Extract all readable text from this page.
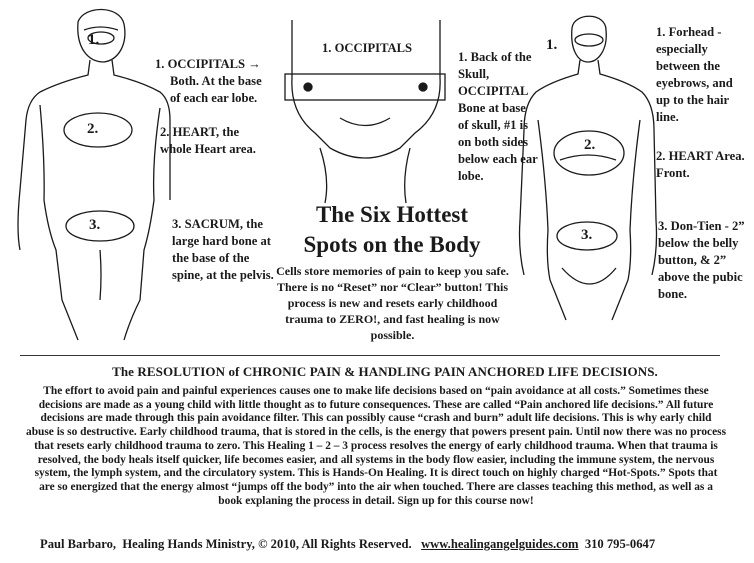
1.
2.
3.
1. OCCIPITALS →
Both. At the base of each ear lobe.
2. HEART, the whole Heart area.
3. SACRUM, the large hard bone at the base of the spine, at the pelvis.
1. OCCIPITALS
1. Back of the Skull, OCCIPITAL Bone at base of skull, #1 is on both sides below each ear lobe.
The Six Hottest
Spots on the Body
Cells store memories of pain to keep you safe. There is no “Reset” nor “Clear” button! This process is new and resets early childhood trauma to ZERO!, and fast healing is now possible.
1.
2.
3.
1. Forhead - especially between the eyebrows, and up to the hair line.
2. HEART Area. Front.
3. Don-Tien - 2” below the belly button, & 2” above the pubic bone.
The RESOLUTION of CHRONIC PAIN & HANDLING PAIN ANCHORED LIFE DECISIONS.
The effort to avoid pain and painful experiences causes one to make life decisions based on “pain avoidance at all costs.” Sometimes these decisions are made as a young child with little thought as to future consequences. These are called “Pain anchored life decisions.” All future decisions are made through this pain avoidance filter. This can possibly cause “crash and burn” adult life decisions. This is why early child abuse is so destructive. Early childhood trauma, that is stored in the cells, is the energy that powers present pain. Until now there was no process that resets early childhood trauma to zero. This Healing 1 – 2 – 3 process resolves the energy of early childhood trauma. When that trauma is resolved, the body heals itself quicker, life becomes easier, and all systems in the body flow easier, including the immune system, the nervous system, the lymph system, and the circulatory system. This is Hands-On Healing. It is direct touch on highly charged “Hot-Spots.” Spots that are so energized that the energy almost “jumps off the body” into the air when touched. There are classes teaching this method, as well as a book explaning the process in detail. Sign up for this course now!
Paul Barbaro, Healing Hands Ministry, © 2010, All Rights Reserved. www.healingangelguides.com 310 795-0647
